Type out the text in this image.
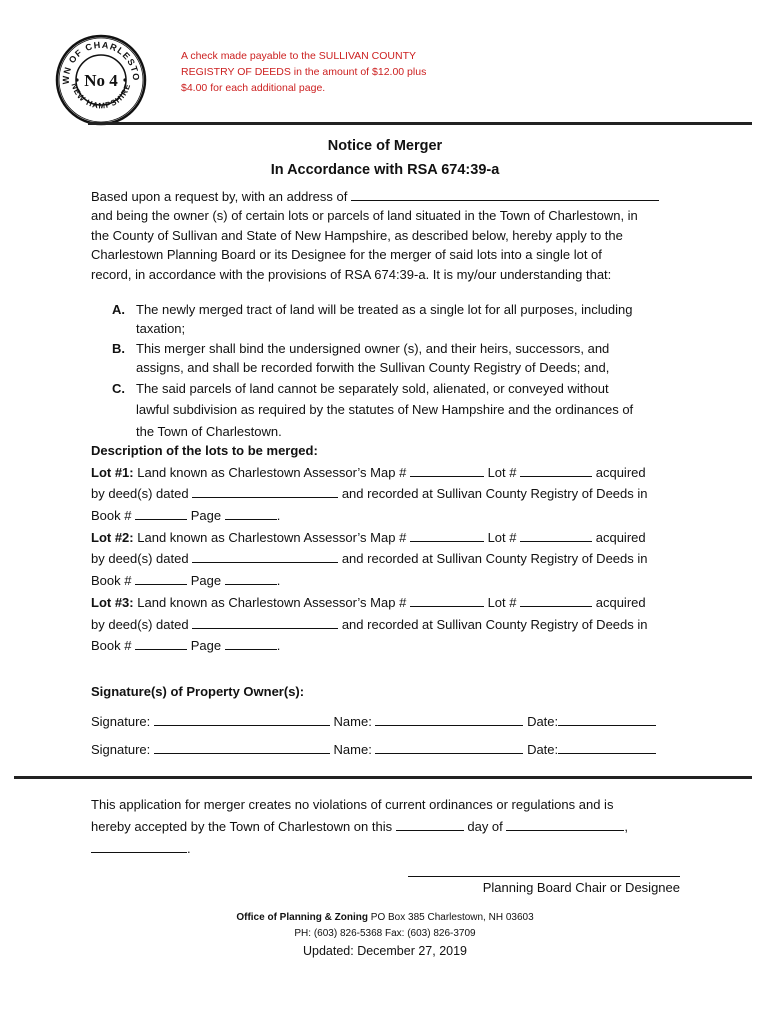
WN OF CHARLESTO
NEW HAMPSHIRE
No 4
A check made payable to the SULLIVAN COUNTY
REGISTRY OF DEEDS in the amount of $12.00 plus
$4.00 for each additional page.
Notice of Merger
In Accordance with RSA 674:39-a

Based upon a request by, with an address of

and being the owner (s) of certain lots or parcels of land situated in the Town of Charlestown, in

the County of Sullivan and State of New Hampshire, as described below, hereby apply to the

Charlestown Planning Board or its Designee for the merger of said lots into a single lot of

record, in accordance with the provisions of RSA 674:39-a. It is my/our understanding that:

A. The newly merged tract of land will be treated as a single lot for all purposes, including
taxation;
B. This merger shall bind the undersigned owner (s), and their heirs, successors, and
assigns, and shall be recorded forwith the Sullivan County Registry of Deeds; and,
C. The said parcels of land cannot be separately sold, alienated, or conveyed without
lawful subdivision as required by the statutes of New Hampshire and the ordinances of
the Town of Charlestown.
Description of the lots to be merged:
Lot #1: Land known as Charlestown Assessor’s Map #	Lot #	acquired
by deed(s) dated	and recorded at Sullivan County Registry of Deeds in
Book #	Page	.
Lot #2: Land known as Charlestown Assessor’s Map #	Lot #	acquired
by deed(s) dated	and recorded at Sullivan County Registry of Deeds in
Book #	Page	.
Lot #3: Land known as Charlestown Assessor’s Map #	Lot #	acquired
by deed(s) dated	and recorded at Sullivan County Registry of Deeds in
Book #	Page	.
Signature(s) of Property Owner(s):
Signature:	Name:	Date:
Signature:	Name:	Date:

This application for merger creates no violations of current ordinances or regulations and is

hereby accepted by the Town of Charlestown on this	day of	,

.

Planning Board Chair or Designee
Office of Planning & Zoning PO Box 385 Charlestown, NH 03603
PH: (603) 826-5368 Fax: (603) 826-3709
Updated: December 27, 2019
